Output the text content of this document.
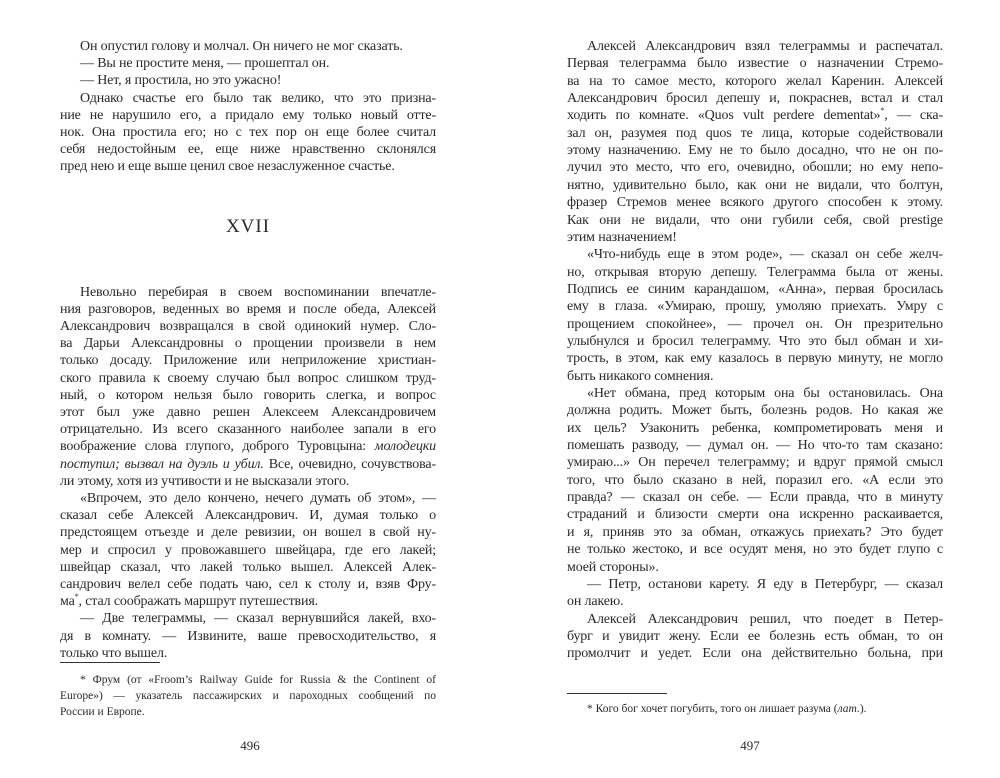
Он опустил голову и молчал. Он ничего не мог сказать.
— Вы не простите меня, — прошептал он.
— Нет, я простила, но это ужасно!
Однако счастье его было так велико, что это призна-
ние не нарушило его, а придало ему только новый отте-
нок. Она простила его; но с тех пор он еще более считал
себя недостойным ее, еще ниже нравственно склонялся
пред нею и еще выше ценил свое незаслуженное счастье.
XVII
Невольно перебирая в своем воспоминании впечатле-
ния разговоров, веденных во время и после обеда, Алексей
Александрович возвращался в свой одинокий нумер. Сло-
ва Дарьи Александровны о прощении произвели в нем
только досаду. Приложение или неприложение христиан-
ского правила к своему случаю был вопрос слишком труд-
ный, о котором нельзя было говорить слегка, и вопрос
этот был уже давно решен Алексеем Александровичем
отрицательно. Из всего сказанного наиболее запали в его
воображение слова глупого, доброго Туровцына: молодецки
поступил; вызвал на дуэль и убил. Все, очевидно, сочувствова-
ли этому, хотя из учтивости и не высказали этого.
«Впрочем, это дело кончено, нечего думать об этом», —
сказал себе Алексей Александрович. И, думая только о
предстоящем отъезде и деле ревизии, он вошел в свой ну-
мер и спросил у провожавшего швейцара, где его лакей;
швейцар сказал, что лакей только вышел. Алексей Алек-
сандрович велел себе подать чаю, сел к столу и, взяв Фру-
ма*, стал соображать маршрут путешествия.
— Две телеграммы, — сказал вернувшийся лакей, вхо-
дя в комнату. — Извините, ваше превосходительство, я
только что вышел.
* Фрум (от «Froom’s Railway Guide for Russia & the Continent of
Europe») — указатель пассажирских и пароходных сообщений по
России и Европе.
496
Алексей Александрович взял телеграммы и распечатал.
Первая телеграмма было известие о назначении Стремо-
ва на то самое место, которого желал Каренин. Алексей
Александрович бросил депешу и, покраснев, встал и стал
ходить по комнате. «Quos vult perdere dementat»*, — ска-
зал он, разумея под quos те лица, которые содействовали
этому назначению. Ему не то было досадно, что не он по-
лучил это место, что его, очевидно, обошли; но ему непо-
нятно, удивительно было, как они не видали, что болтун,
фразер Стремов менее всякого другого способен к этому.
Как они не видали, что они губили себя, свой prestige
этим назначением!
«Что-нибудь еще в этом роде», — сказал он себе желч-
но, открывая вторую депешу. Телеграмма была от жены.
Подпись ее синим карандашом, «Анна», первая бросилась
ему в глаза. «Умираю, прошу, умоляю приехать. Умру с
прощением спокойнее», — прочел он. Он презрительно
улыбнулся и бросил телеграмму. Что это был обман и хи-
трость, в этом, как ему казалось в первую минуту, не могло
быть никакого сомнения.
«Нет обмана, пред которым она бы остановилась. Она
должна родить. Может быть, болезнь родов. Но какая же
их цель? Узаконить ребенка, компрометировать меня и
помешать разводу, — думал он. — Но что-то там сказано:
умираю...» Он перечел телеграмму; и вдруг прямой смысл
того, что было сказано в ней, поразил его. «А если это
правда? — сказал он себе. — Если правда, что в минуту
страданий и близости смерти она искренно раскаивается,
и я, приняв это за обман, откажусь приехать? Это будет
не только жестоко, и все осудят меня, но это будет глупо с
моей стороны».
— Петр, останови карету. Я еду в Петербург, — сказал
он лакею.
Алексей Александрович решил, что поедет в Петер-
бург и увидит жену. Если ее болезнь есть обман, то он
промолчит и уедет. Если она действительно больна, при
* Кого бог хочет погубить, того он лишает разума (лат.).
497
